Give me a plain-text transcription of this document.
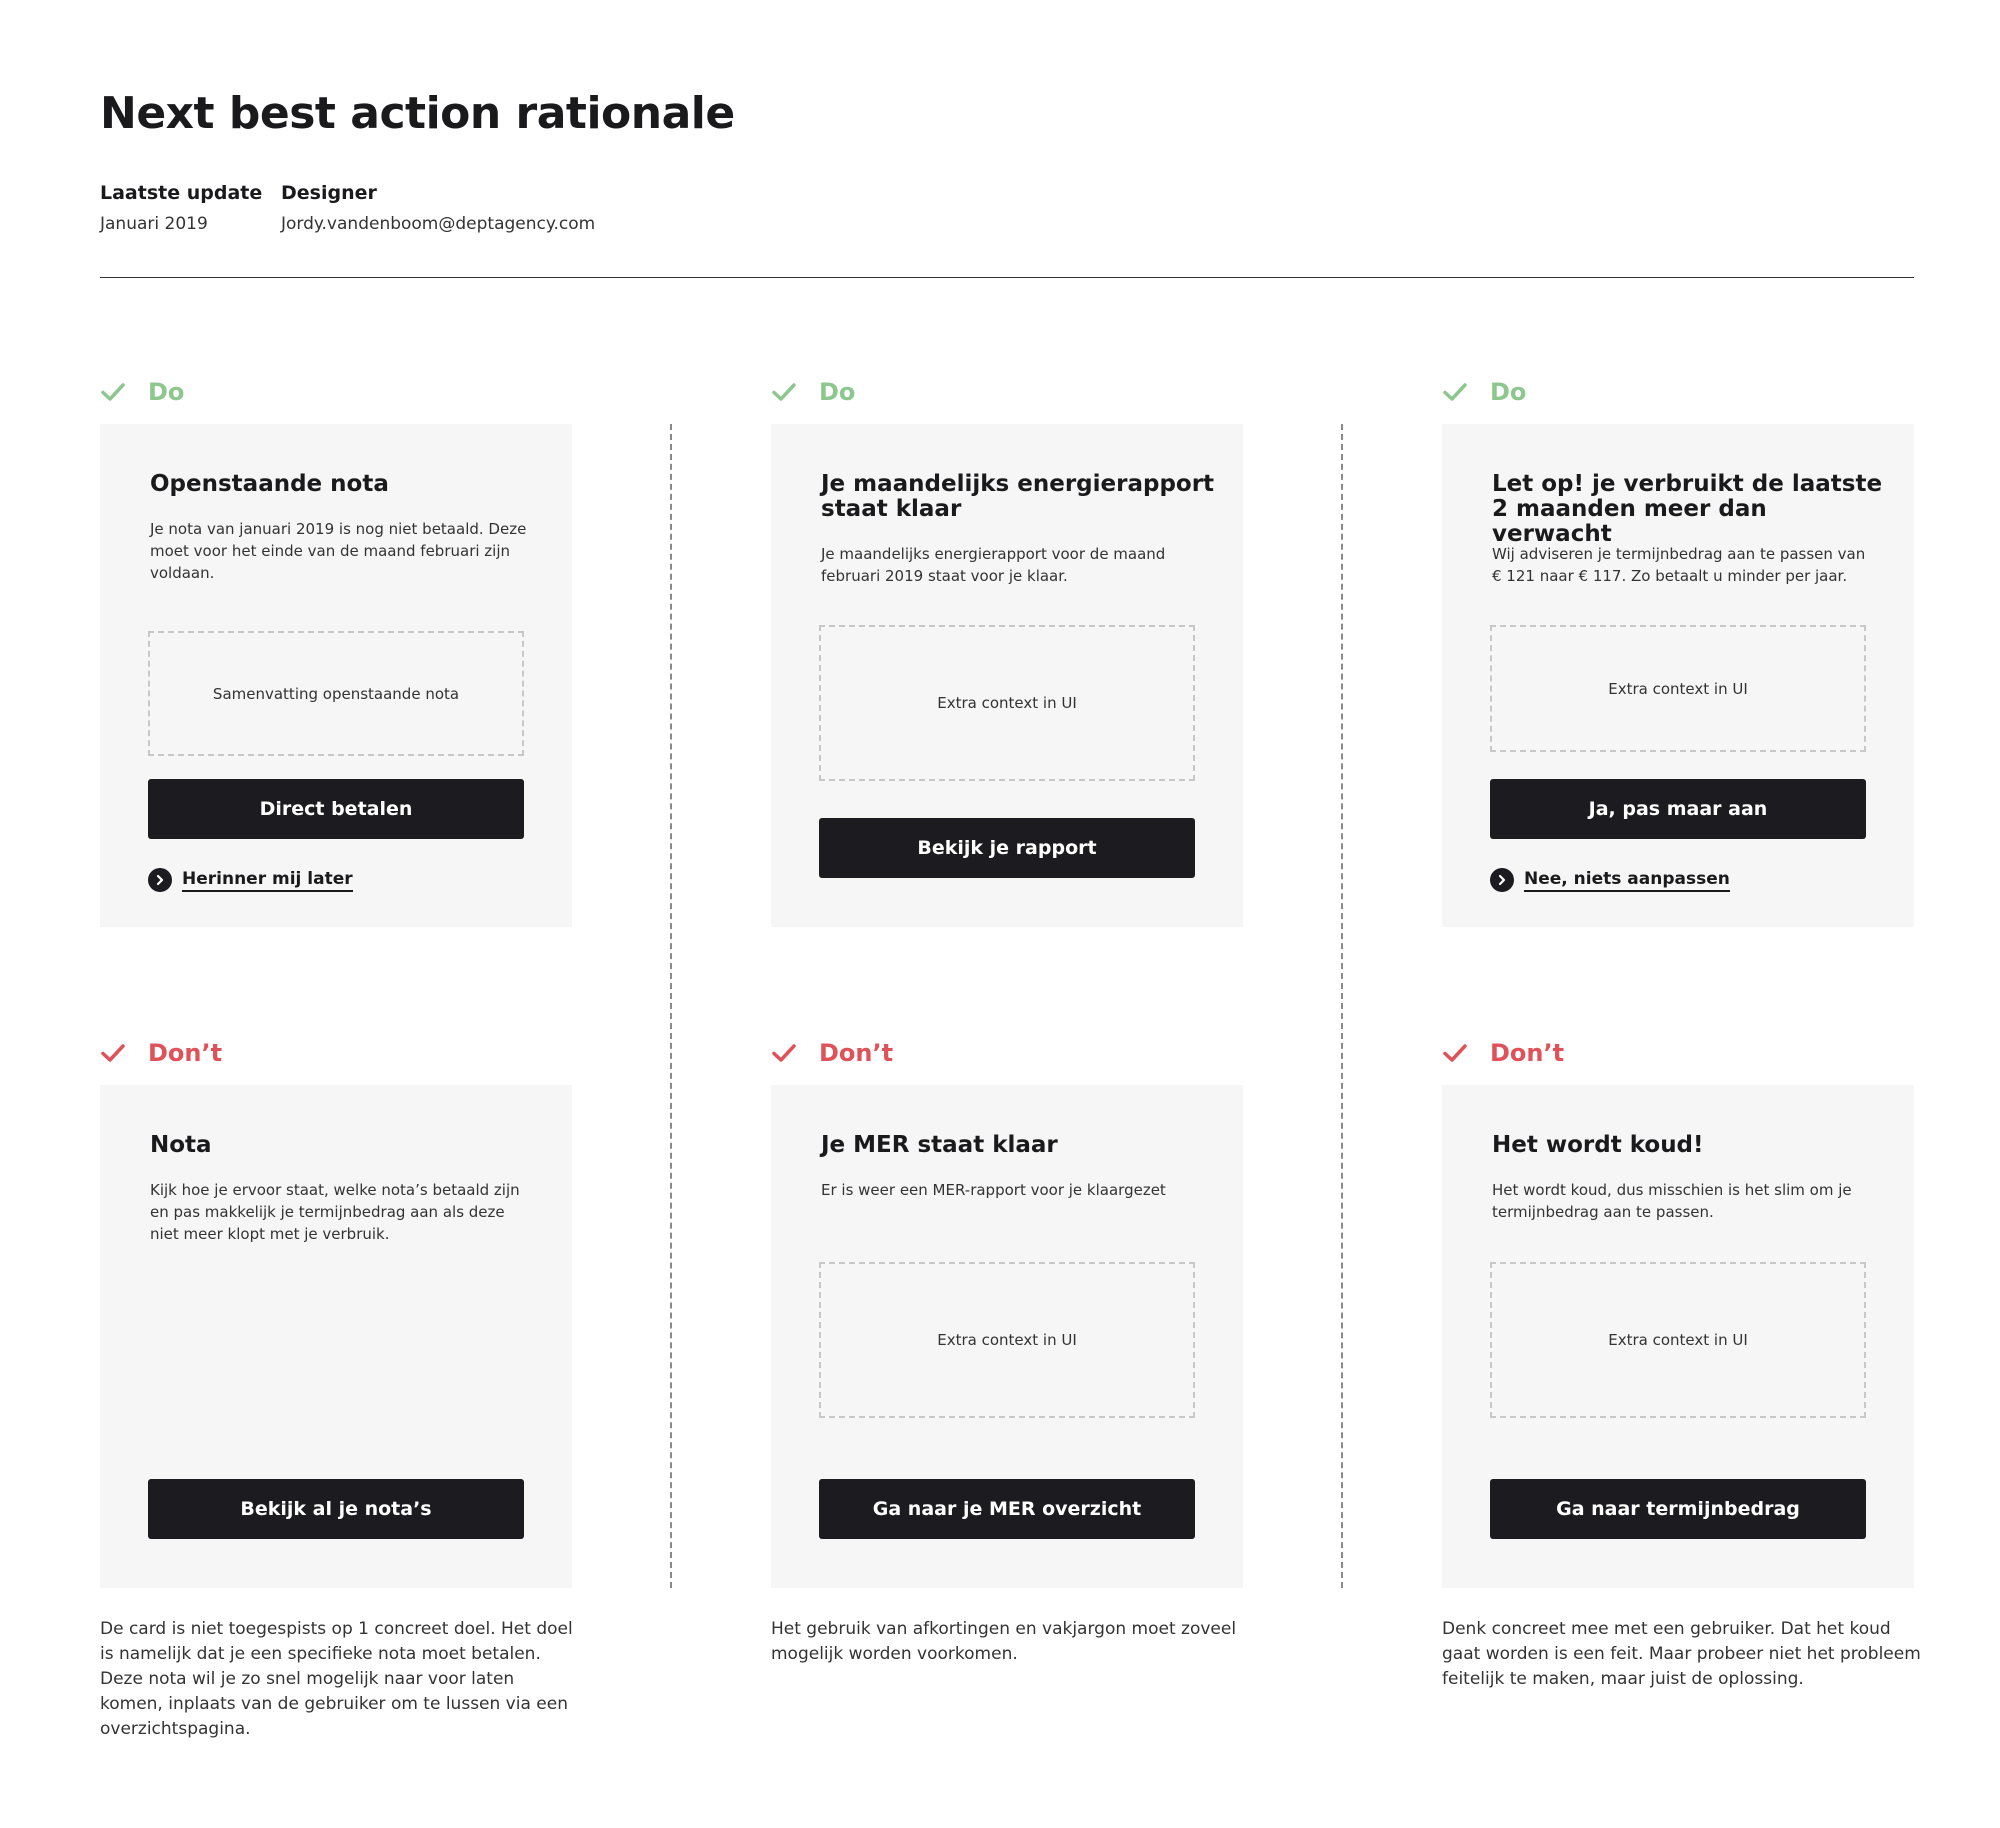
Next best action rationale

Laatste update

Januari 2019

Designer

Jordy.vandenboom@deptagency.com

Do
Openstaande nota

Je nota van januari 2019 is nog niet betaald. Deze moet voor het einde van de maand februari zijn voldaan.

Samenvatting openstaande nota
Direct betalen
Herinner mij later
Don’t
Nota

Kijk hoe je ervoor staat, welke nota’s betaald zijn en pas makkelijk je termijnbedrag aan als deze niet meer klopt met je verbruik.

Bekijk al je nota’s

De card is niet toegespists op 1 concreet doel. Het doel is namelijk dat je een specifieke nota moet betalen. Deze nota wil je zo snel mogelijk naar voor laten komen, inplaats van de gebruiker om te lussen via een overzichtspagina.

Do
Je maandelijks energierapport staat klaar

Je maandelijks energierapport voor de maand februari 2019 staat voor je klaar.

Extra context in UI
Bekijk je rapport
Don’t
Je MER staat klaar

Er is weer een MER-rapport voor je klaargezet

Extra context in UI
Ga naar je MER overzicht

Het gebruik van afkortingen en vakjargon moet zoveel mogelijk worden voorkomen.

Do
Let op! je verbruikt de laatste 2 maanden meer dan verwacht

Wij adviseren je termijnbedrag aan te passen van € 121 naar € 117. Zo betaalt u minder per jaar.

Extra context in UI
Ja, pas maar aan
Nee, niets aanpassen
Don’t
Het wordt koud!

Het wordt koud, dus misschien is het slim om je termijnbedrag aan te passen.

Extra context in UI
Ga naar termijnbedrag

Denk concreet mee met een gebruiker. Dat het koud gaat worden is een feit. Maar probeer niet het probleem feitelijk te maken, maar juist de oplossing.
